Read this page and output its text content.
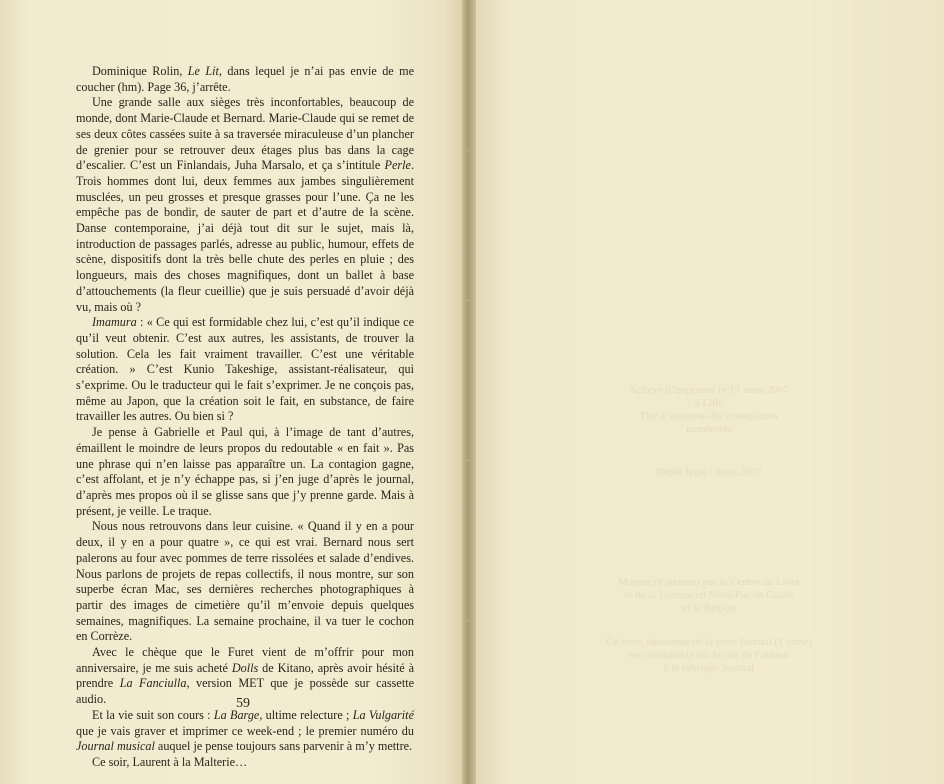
Dominique Rolin, Le Lit, dans lequel je n’ai pas envie de me coucher (hm). Page 36, j’arrête.

Une grande salle aux sièges très inconfortables, beaucoup de monde, dont Marie-Claude et Bernard. Marie-Claude qui se remet de ses deux côtes cassées suite à sa traversée miraculeuse d’un plancher de grenier pour se retrouver deux étages plus bas dans la cage d’escalier. C’est un Finlandais, Juha Marsalo, et ça s’intitule Perle. Trois hommes dont lui, deux femmes aux jambes singulièrement musclées, un peu grosses et presque grasses pour l’une. Ça ne les empêche pas de bondir, de sauter de part et d’autre de la scène. Danse contemporaine, j’ai déjà tout dit sur le sujet, mais là, introduction de passages parlés, adresse au public, humour, effets de scène, dispositifs dont la très belle chute des perles en pluie ; des longueurs, mais des choses magnifiques, dont un ballet à base d’attouchements (la fleur cueillie) que je suis persuadé d’avoir déjà vu, mais où ?

Imamura : « Ce qui est formidable chez lui, c’est qu’il indique ce qu’il veut obtenir. C’est aux autres, les assistants, de trouver la solution. Cela les fait vraiment travailler. C’est une véritable création. » C’est Kunio Takeshige, assistant-réalisateur, qui s’exprime. Ou le traducteur qui le fait s’exprimer. Je ne conçois pas, même au Japon, que la création soit le fait, en substance, de faire travailler les autres. Ou bien si ?

Je pense à Gabrielle et Paul qui, à l’image de tant d’autres, émaillent le moindre de leurs propos du redoutable « en fait ». Pas une phrase qui n’en laisse pas apparaître un. La contagion gagne, c’est affolant, et je n’y échappe pas, si j’en juge d’après le journal, d’après mes propos où il se glisse sans que j’y prenne garde. Mais à présent, je veille. Le traque.

Nous nous retrouvons dans leur cuisine. « Quand il y en a pour deux, il y en a pour quatre », ce qui est vrai. Bernard nous sert palerons au four avec pommes de terre rissolées et salade d’endives. Nous parlons de projets de repas collectifs, il nous montre, sur son superbe écran Mac, ses dernières recherches photographiques à partir des images de cimetière qu’il m’envoie depuis quelques semaines, magnifiques. La semaine prochaine, il va tuer le cochon en Corrèze.

Avec le chèque que le Furet vient de m’offrir pour mon anniversaire, je me suis acheté Dolls de Kitano, après avoir hésité à prendre La Fanciulla, version MET que je possède sur cassette audio.

Et la vie suit son cours : La Barge, ultime relecture ; La Vulgarité que je vais graver et imprimer ce week-end ; le premier numéro du Journal musical auquel je pense toujours sans parvenir à m’y mettre.

Ce soir, Laurent à la Malterie…

59
Achevé d’imprimer le 15 mars 2007
à Lille
Tiré à soixante-dix exemplaires
numérotés
Dépôt légal : mars 2007
Manuscrit soutenu par le Centre du Livre
et de la Lecture en Nord-Pas de Calais
et la Région
Ce livre, deuxième de la série Journal (1 tome)
est consultable sur le site de l’auteur
à la rubrique Journal
